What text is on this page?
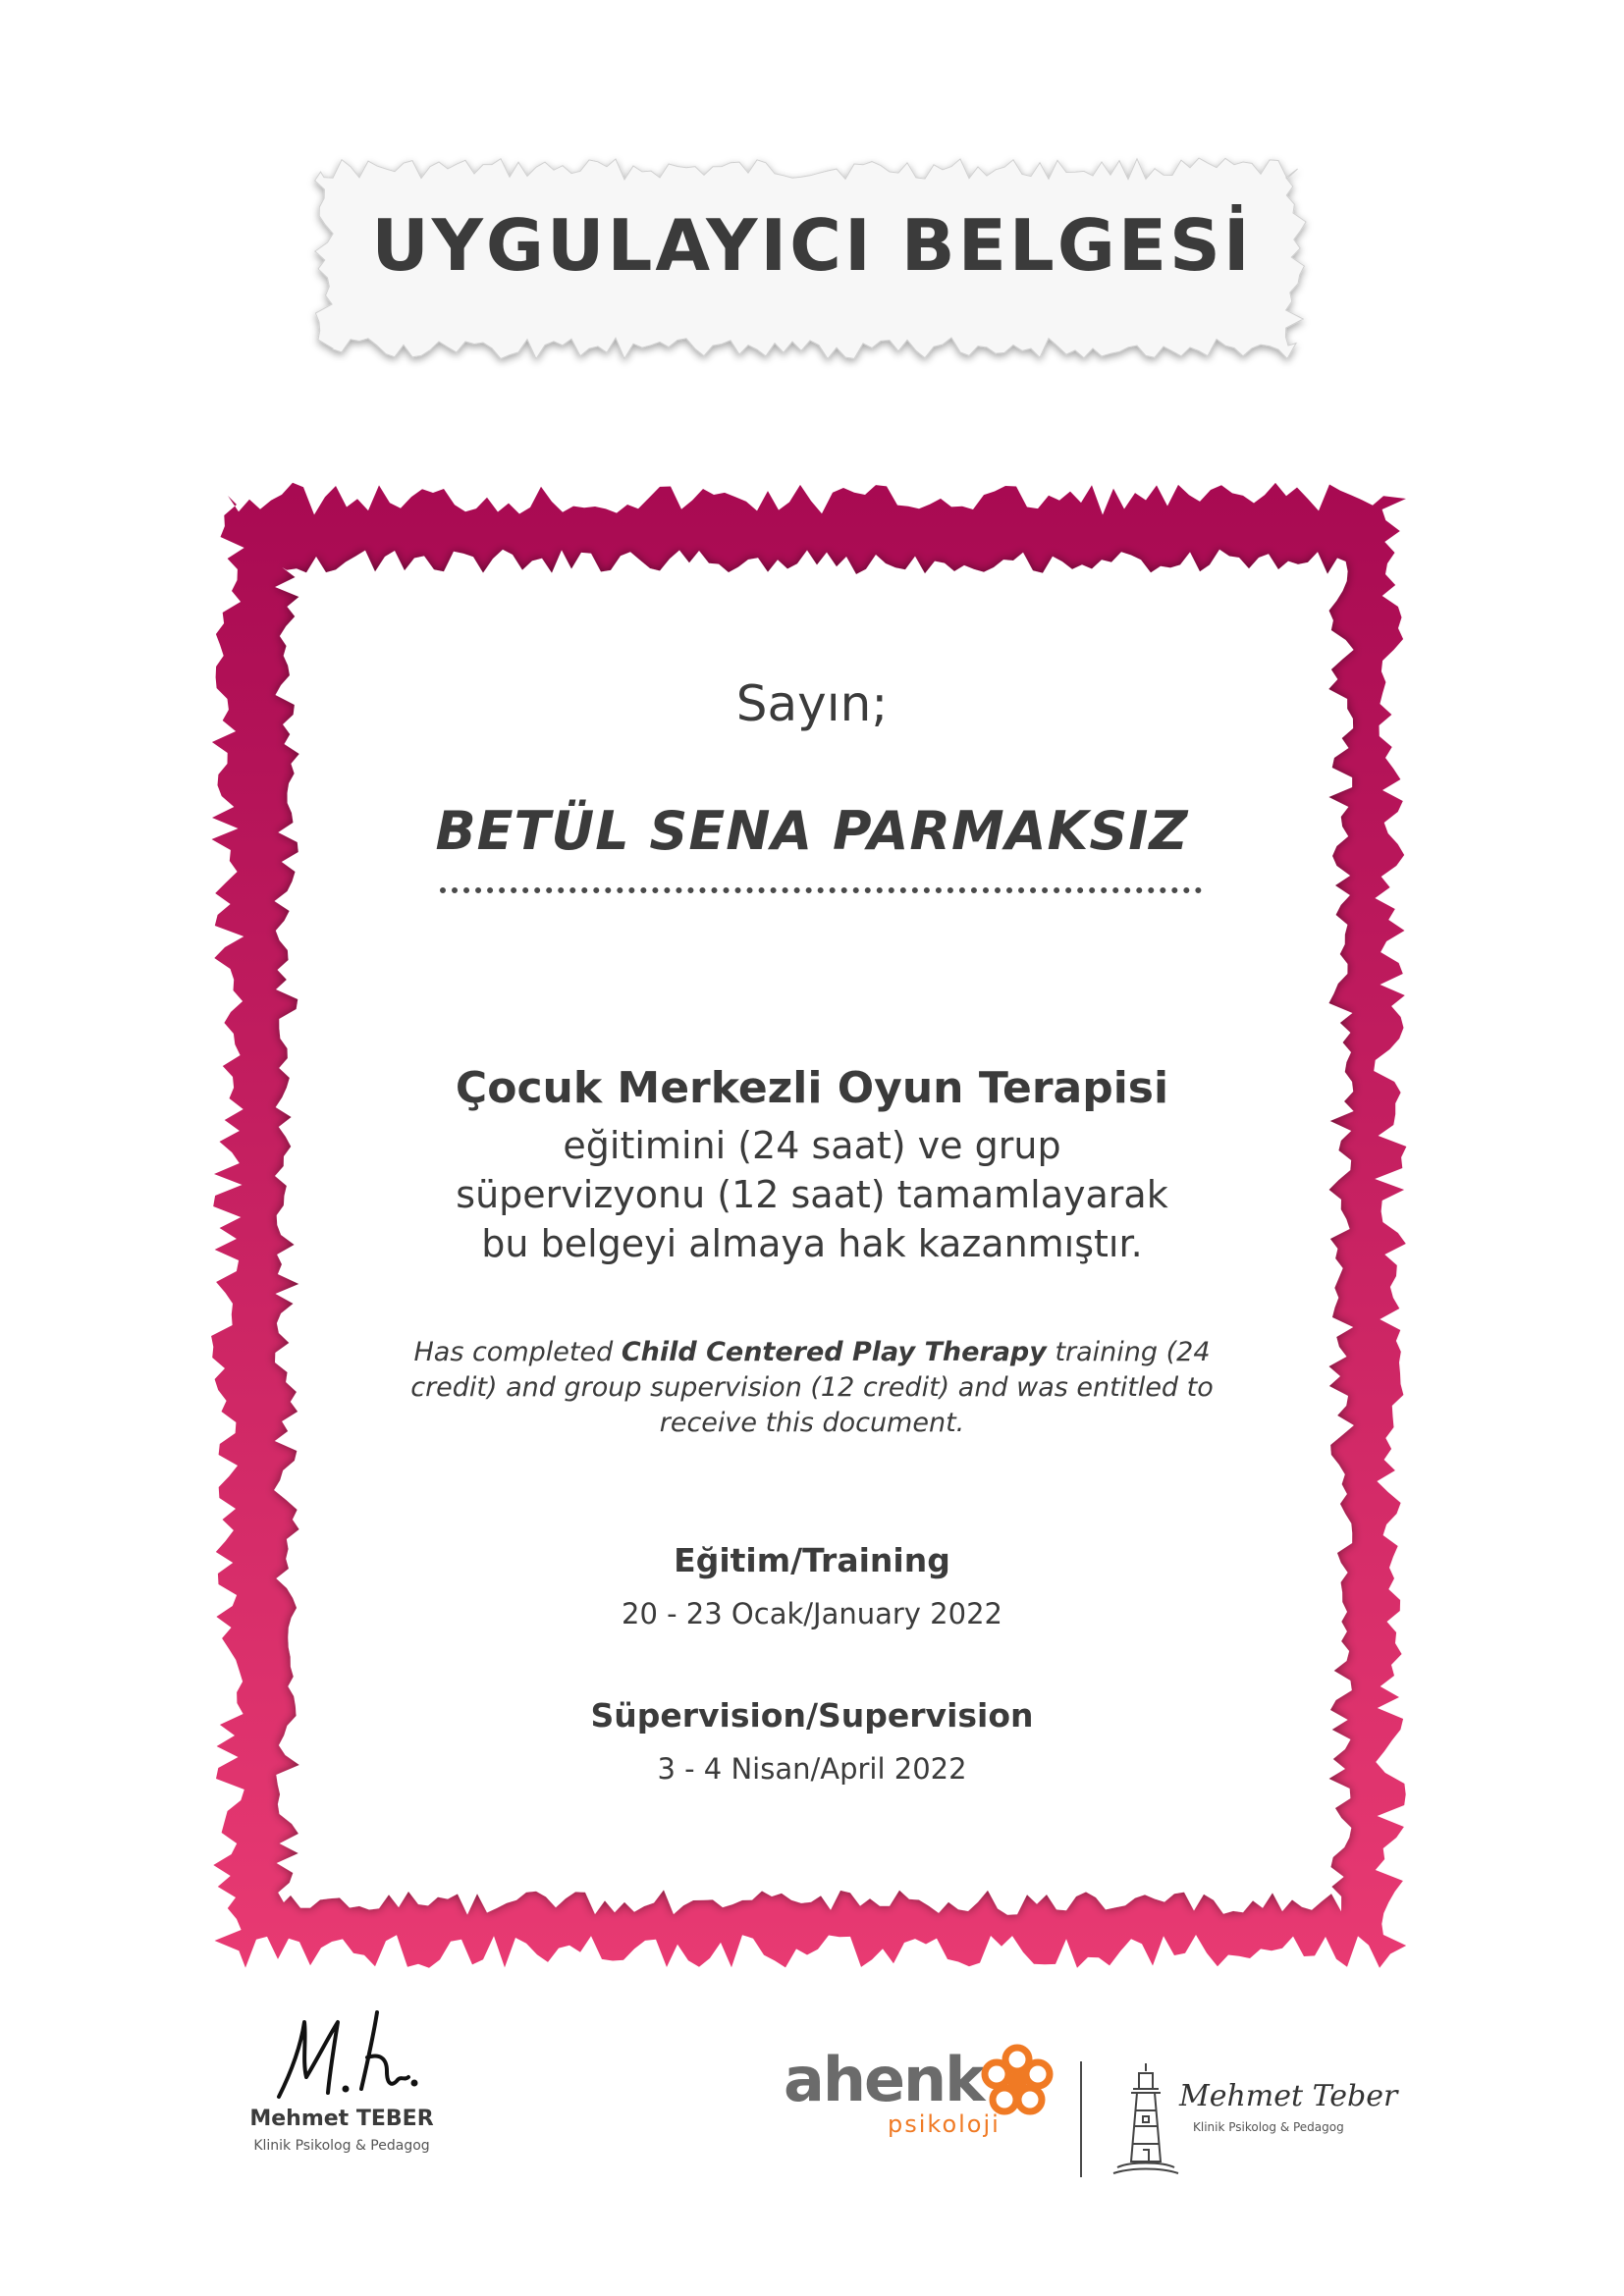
UYGULAYICI BELGESİ
Sayın;
BETÜL SENA PARMAKSIZ
Çocuk Merkezli Oyun Terapisi
eğitimini (24 saat) ve grup
süpervizyonu (12 saat) tamamlayarak
bu belgeyi almaya hak kazanmıştır.
Has completed Child Centered Play Therapy training (24 credit) and group supervision (12 credit) and was entitled to receive this document.
Eğitim/Training
20 - 23 Ocak/January 2022
Süpervision/Supervision
3 - 4 Nisan/April 2022
Mehmet TEBER
Klinik Psikolog & Pedagog
ahenk
psikoloji
Mehmet Teber
Klinik Psikolog & Pedagog
